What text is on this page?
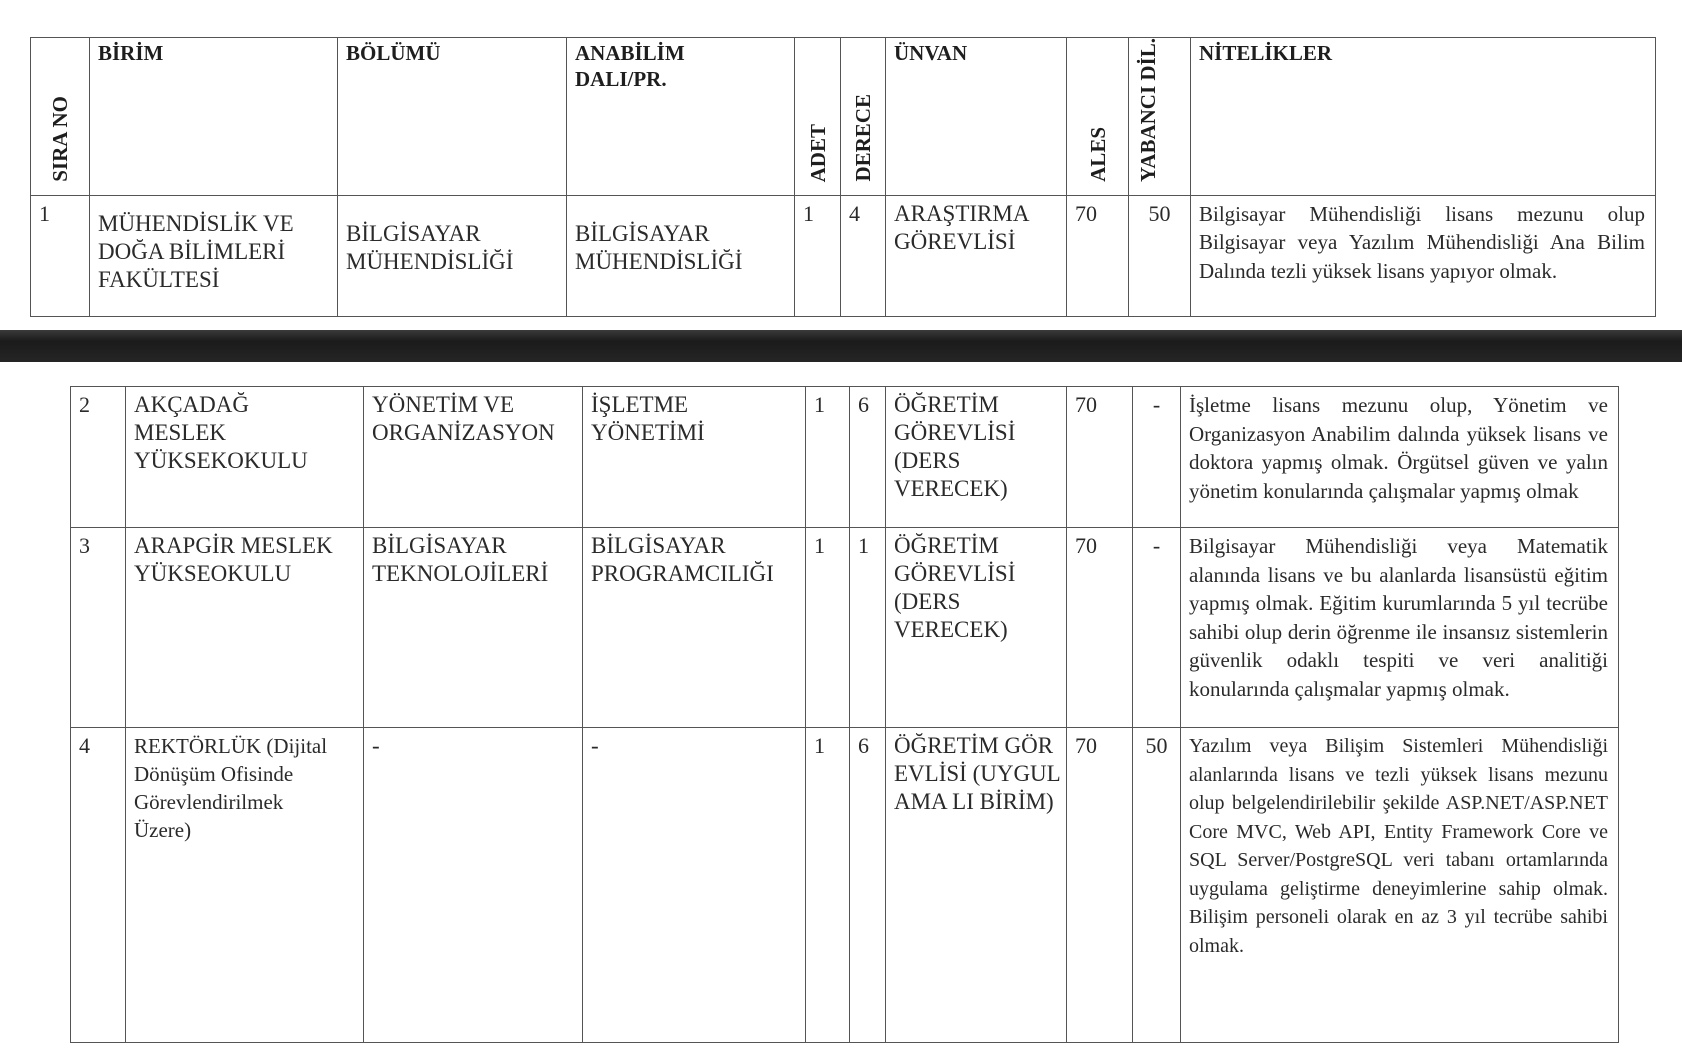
SIRA NO	BİRİM	BÖLÜMÜ	ANABİLİM DALI/PR.	ADET	DERECE	ÜNVAN	ALES	YABANCI DİL.	NİTELİKLER
1	MÜHENDİSLİK VE DOĞA BİLİMLERİ FAKÜLTESİ	BİLGİSAYAR MÜHENDİSLİĞİ	BİLGİSAYAR MÜHENDİSLİĞİ	1	4	ARAŞTIRMA GÖREVLİSİ	70	50	Bilgisayar Mühendisliği lisans mezunu olup Bilgisayar veya Yazılım Mühendisliği Ana Bilim Dalında tezli yüksek lisans yapıyor olmak.
2	AKÇADAĞ MESLEK YÜKSEKOKULU	YÖNETİM VE ORGANİZASYON	İŞLETME YÖNETİMİ	1	6	ÖĞRETİM GÖREVLİSİ (DERS VERECEK)	70	-	İşletme lisans mezunu olup, Yönetim ve Organizasyon Anabilim dalında yüksek lisans ve doktora yapmış olmak. Örgütsel güven ve yalın yönetim konularında çalışmalar yapmış olmak
3	ARAPGİR MESLEK YÜKSEOKULU	BİLGİSAYAR TEKNOLOJİLERİ	BİLGİSAYAR PROGRAMCILIĞI	1	1	ÖĞRETİM GÖREVLİSİ (DERS VERECEK)	70	-	Bilgisayar Mühendisliği veya Matematik alanında lisans ve bu alanlarda lisansüstü eğitim yapmış olmak. Eğitim kurumlarında 5 yıl tecrübe sahibi olup derin öğrenme ile insansız sistemlerin güvenlik odaklı tespiti ve veri analitiği konularında çalışmalar yapmış olmak.
4	REKTÖRLÜK (Dijital Dönüşüm Ofisinde Görevlendirilmek Üzere)	-	-	1	6	ÖĞRETİM GÖREVLİSİ (UYGULAMA LI BİRİM)	70	50	Yazılım veya Bilişim Sistemleri Mühendisliği alanlarında lisans ve tezli yüksek lisans mezunu olup belgelendirilebilir şekilde ASP.NET/ASP.NET Core MVC, Web API, Entity Framework Core ve SQL Server/PostgreSQL veri tabanı ortamlarında uygulama geliştirme deneyimlerine sahip olmak. Bilişim personeli olarak en az 3 yıl tecrübe sahibi olmak.
